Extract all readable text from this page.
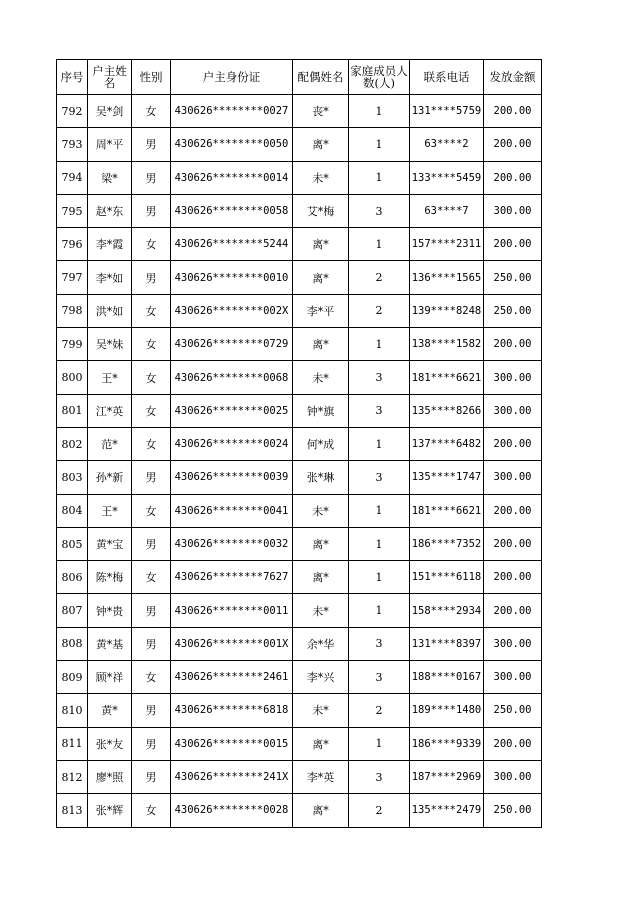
序号	户主姓名	性别	户主身份证	配偶姓名	家庭成员人数(人)	联系电话	发放金额
792	吴*剑	女	430626********0027	丧*	1	131****5759	200.00
793	周*平	男	430626********0050	离*	1	63****2	200.00
794	梁*	男	430626********0014	未*	1	133****5459	200.00
795	赵*东	男	430626********0058	艾*梅	3	63****7	300.00
796	李*霞	女	430626********5244	离*	1	157****2311	200.00
797	李*如	男	430626********0010	离*	2	136****1565	250.00
798	洪*如	女	430626********002X	李*平	2	139****8248	250.00
799	吴*妹	女	430626********0729	离*	1	138****1582	200.00
800	王*	女	430626********0068	未*	3	181****6621	300.00
801	江*英	女	430626********0025	钟*旗	3	135****8266	300.00
802	范*	女	430626********0024	何*成	1	137****6482	200.00
803	孙*新	男	430626********0039	张*琳	3	135****1747	300.00
804	王*	女	430626********0041	未*	1	181****6621	200.00
805	黄*宝	男	430626********0032	离*	1	186****7352	200.00
806	陈*梅	女	430626********7627	离*	1	151****6118	200.00
807	钟*贵	男	430626********0011	未*	1	158****2934	200.00
808	黄*基	男	430626********001X	余*华	3	131****8397	300.00
809	顾*祥	女	430626********2461	李*兴	3	188****0167	300.00
810	黄*	男	430626********6818	未*	2	189****1480	250.00
811	张*友	男	430626********0015	离*	1	186****9339	200.00
812	廖*照	男	430626********241X	李*英	3	187****2969	300.00
813	张*辉	女	430626********0028	离*	2	135****2479	250.00
